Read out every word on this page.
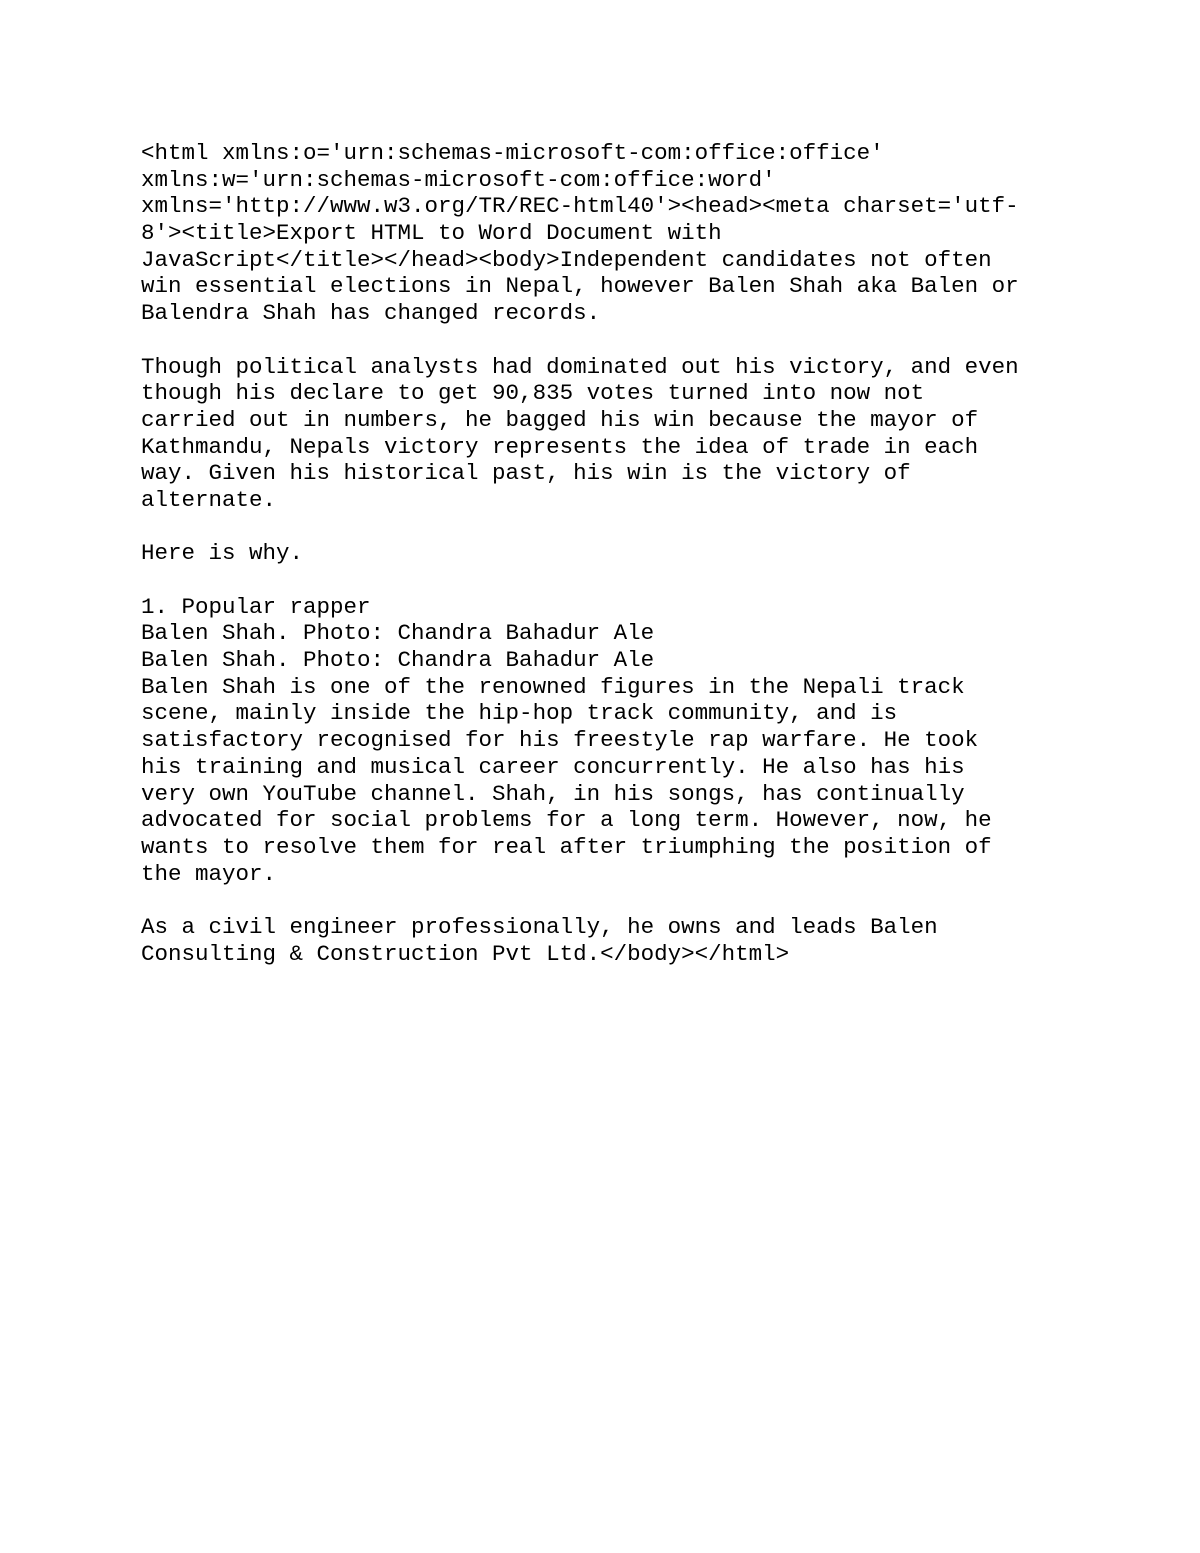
<html xmlns:o='urn:schemas-microsoft-com:office:office'
xmlns:w='urn:schemas-microsoft-com:office:word'
xmlns='http://www.w3.org/TR/REC-html40'><head><meta charset='utf-
8'><title>Export HTML to Word Document with
JavaScript</title></head><body>Independent candidates not often
win essential elections in Nepal, however Balen Shah aka Balen or
Balendra Shah has changed records.
Though political analysts had dominated out his victory, and even
though his declare to get 90,835 votes turned into now not
carried out in numbers, he bagged his win because the mayor of
Kathmandu, Nepals victory represents the idea of trade in each
way. Given his historical past, his win is the victory of
alternate.
Here is why.
1. Popular rapper
Balen Shah. Photo: Chandra Bahadur Ale
Balen Shah. Photo: Chandra Bahadur Ale
Balen Shah is one of the renowned figures in the Nepali track
scene, mainly inside the hip-hop track community, and is
satisfactory recognised for his freestyle rap warfare. He took
his training and musical career concurrently. He also has his
very own YouTube channel. Shah, in his songs, has continually
advocated for social problems for a long term. However, now, he
wants to resolve them for real after triumphing the position of
the mayor.
As a civil engineer professionally, he owns and leads Balen
Consulting & Construction Pvt Ltd.</body></html>
